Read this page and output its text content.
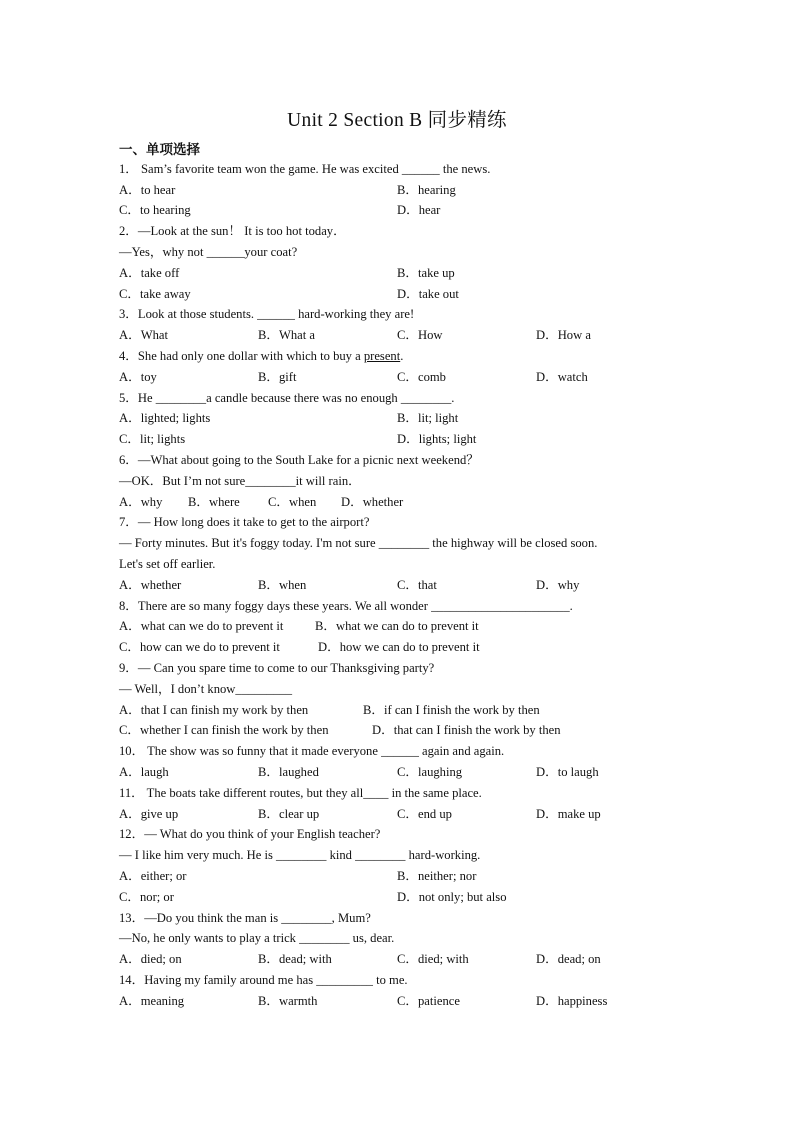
Unit 2 Section B 同步精练
一、单项选择
1． Sam’s favorite team won the game. He was excited ______ the news.
A．to hear	B．hearing
C．to hearing	D．hear
2．—Look at the sun！ It is too hot today．
—Yes，why not ______your coat?
A．take off	B．take up
C．take away	D．take out
3．Look at those students. ______ hard-working they are!
A．What	B．What a	C．How	D．How a
4．She had only one dollar with which to buy a present.
A．toy	B．gift	C．comb	D．watch
5．He ________a candle because there was no enough ________.
A．lighted; lights	B．lit; light
C．lit; lights	D．lights; light
6．—What about going to the South Lake for a picnic next weekend？
—OK．But I’m not sure________it will rain．
A．why B．where C．when D．whether
7．— How long does it take to get to the airport?
— Forty minutes. But it's foggy today. I'm not sure ________ the highway will be closed soon.
Let's set off earlier.
A．whether	B．when	C．that	D．why
8．There are so many foggy days these years. We all wonder ______________________.
A．what can we do to prevent it	B．what we can do to prevent it
C．how can we do to prevent it	D．how we can do to prevent it
9．— Can you spare time to come to our Thanksgiving party?
— Well，I don’t know_________
A．that I can finish my work by then	B．if can I finish the work by then
C．whether I can finish the work by then	D．that can I finish the work by then
10． The show was so funny that it made everyone ______ again and again.
A．laugh	B．laughed	C．laughing	D．to laugh
11． The boats take different routes, but they all____ in the same place.
A．give up	B．clear up	C．end up	D．make up
12．— What do you think of your English teacher?
— I like him very much. He is ________ kind ________ hard-working.
A．either; or	B．neither; nor
C．nor; or	D．not only; but also
13．—Do you think the man is ________, Mum?
—No, he only wants to play a trick ________ us, dear.
A．died; on	B．dead; with	C．died; with	D．dead; on
14．Having my family around me has _________ to me.
A．meaning	B．warmth	C．patience	D．happiness
